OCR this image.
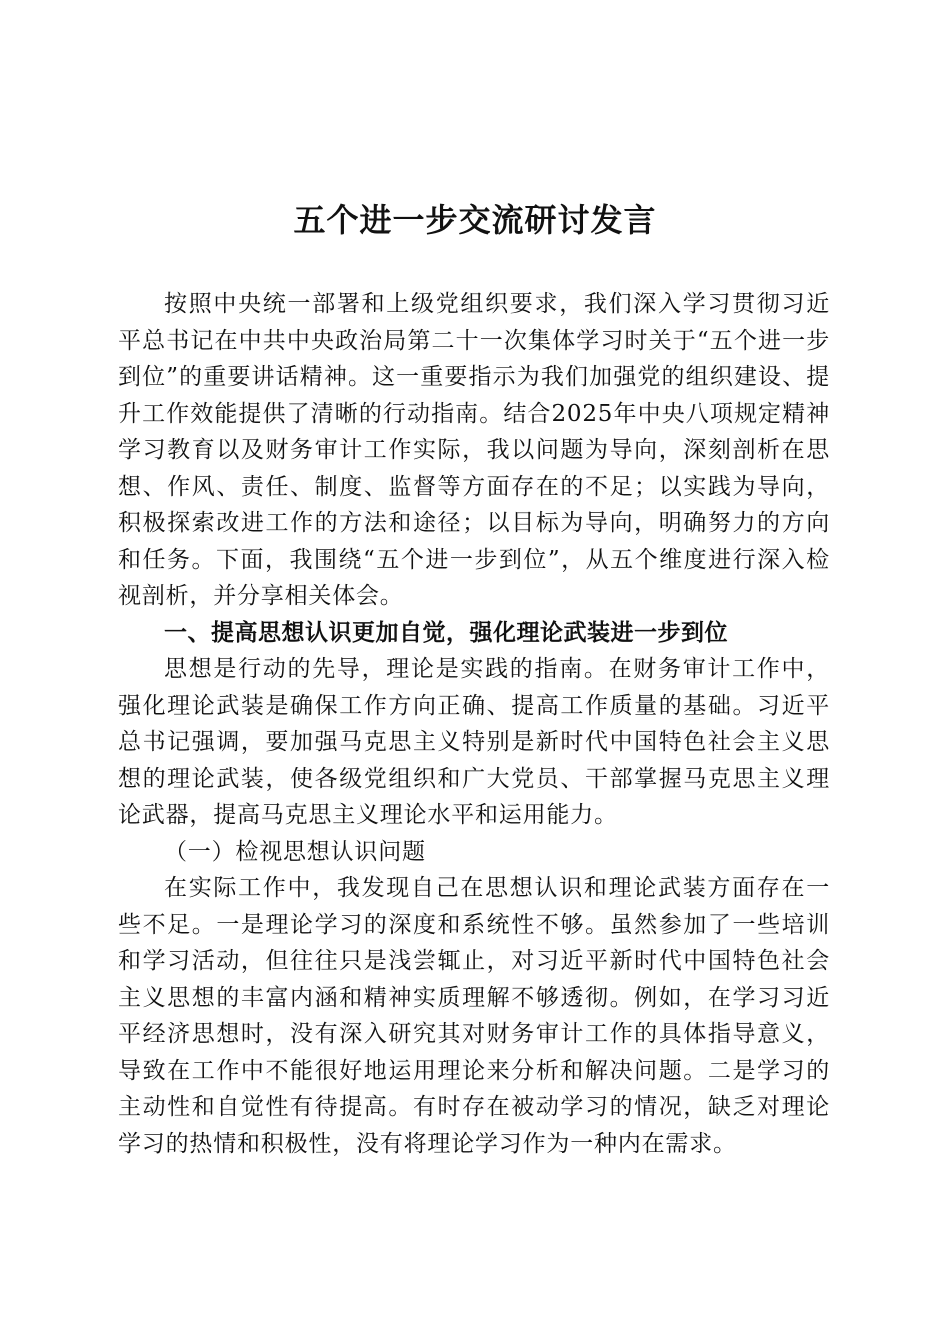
五个进一步交流研讨发言

按照中央统一部署和上级党组织要求，我们深入学习贯彻习近平总书记在中共中央政治局第二十一次集体学习时关于“五个进一步到位”的重要讲话精神。这一重要指示为我们加强党的组织建设、提升工作效能提供了清晰的行动指南。结合2025年中央八项规定精神学习教育以及财务审计工作实际，我以问题为导向，深刻剖析在思想、作风、责任、制度、监督等方面存在的不足；以实践为导向，积极探索改进工作的方法和途径；以目标为导向，明确努力的方向和任务。下面，我围绕“五个进一步到位”，从五个维度进行深入检视剖析，并分享相关体会。

一、提高思想认识更加自觉，强化理论武装进一步到位

思想是行动的先导，理论是实践的指南。在财务审计工作中，强化理论武装是确保工作方向正确、提高工作质量的基础。习近平总书记强调，要加强马克思主义特别是新时代中国特色社会主义思想的理论武装，使各级党组织和广大党员、干部掌握马克思主义理论武器，提高马克思主义理论水平和运用能力。

（一）检视思想认识问题

在实际工作中，我发现自己在思想认识和理论武装方面存在一些不足。一是理论学习的深度和系统性不够。虽然参加了一些培训和学习活动，但往往只是浅尝辄止，对习近平新时代中国特色社会主义思想的丰富内涵和精神实质理解不够透彻。例如，在学习习近平经济思想时，没有深入研究其对财务审计工作的具体指导意义，导致在工作中不能很好地运用理论来分析和解决问题。二是学习的主动性和自觉性有待提高。有时存在被动学习的情况，缺乏对理论学习的热情和积极性，没有将理论学习作为一种内在需求。
